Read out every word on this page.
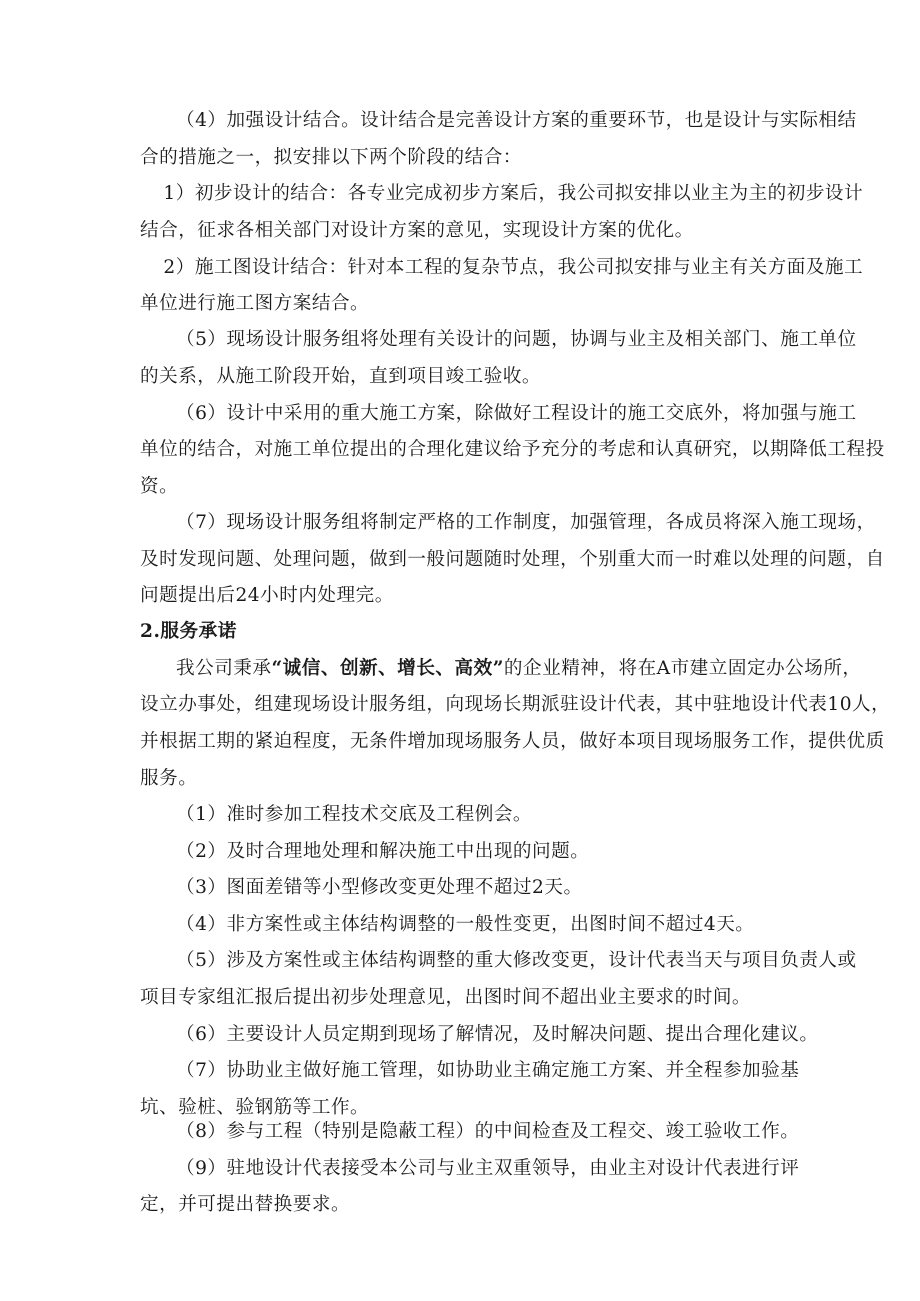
我公司秉承“诚信、创新、增长、高效”的企业精神，将在A市建立固定办公场所，
（4）加强设计结合。设计结合是完善设计方案的重要环节，也是设计与实际相结
合的措施之一，拟安排以下两个阶段的结合：
1）初步设计的结合：各专业完成初步方案后，我公司拟安排以业主为主的初步设计
结合，征求各相关部门对设计方案的意见，实现设计方案的优化。
2）施工图设计结合：针对本工程的复杂节点，我公司拟安排与业主有关方面及施工
单位进行施工图方案结合。
（5）现场设计服务组将处理有关设计的问题，协调与业主及相关部门、施工单位
的关系，从施工阶段开始，直到项目竣工验收。
（6）设计中采用的重大施工方案，除做好工程设计的施工交底外，将加强与施工
单位的结合，对施工单位提出的合理化建议给予充分的考虑和认真研究，以期降低工程投
资。
（7）现场设计服务组将制定严格的工作制度，加强管理，各成员将深入施工现场，
及时发现问题、处理问题，做到一般问题随时处理，个别重大而一时难以处理的问题，自
问题提出后24小时内处理完。
2.服务承诺
设立办事处，组建现场设计服务组，向现场长期派驻设计代表，其中驻地设计代表10人，
并根据工期的紧迫程度，无条件增加现场服务人员，做好本项目现场服务工作，提供优质
服务。
（1）准时参加工程技术交底及工程例会。
（2）及时合理地处理和解决施工中出现的问题。
（3）图面差错等小型修改变更处理不超过2天。
（4）非方案性或主体结构调整的一般性变更，出图时间不超过4天。
（5）涉及方案性或主体结构调整的重大修改变更，设计代表当天与项目负责人或
项目专家组汇报后提出初步处理意见，出图时间不超出业主要求的时间。
（6）主要设计人员定期到现场了解情况，及时解决问题、提出合理化建议。
（7）协助业主做好施工管理，如协助业主确定施工方案、并全程参加验基
坑、验桩、验钢筋等工作。
（8）参与工程（特别是隐蔽工程）的中间检查及工程交、竣工验收工作。
（9）驻地设计代表接受本公司与业主双重领导，由业主对设计代表进行评
定，并可提出替换要求。
